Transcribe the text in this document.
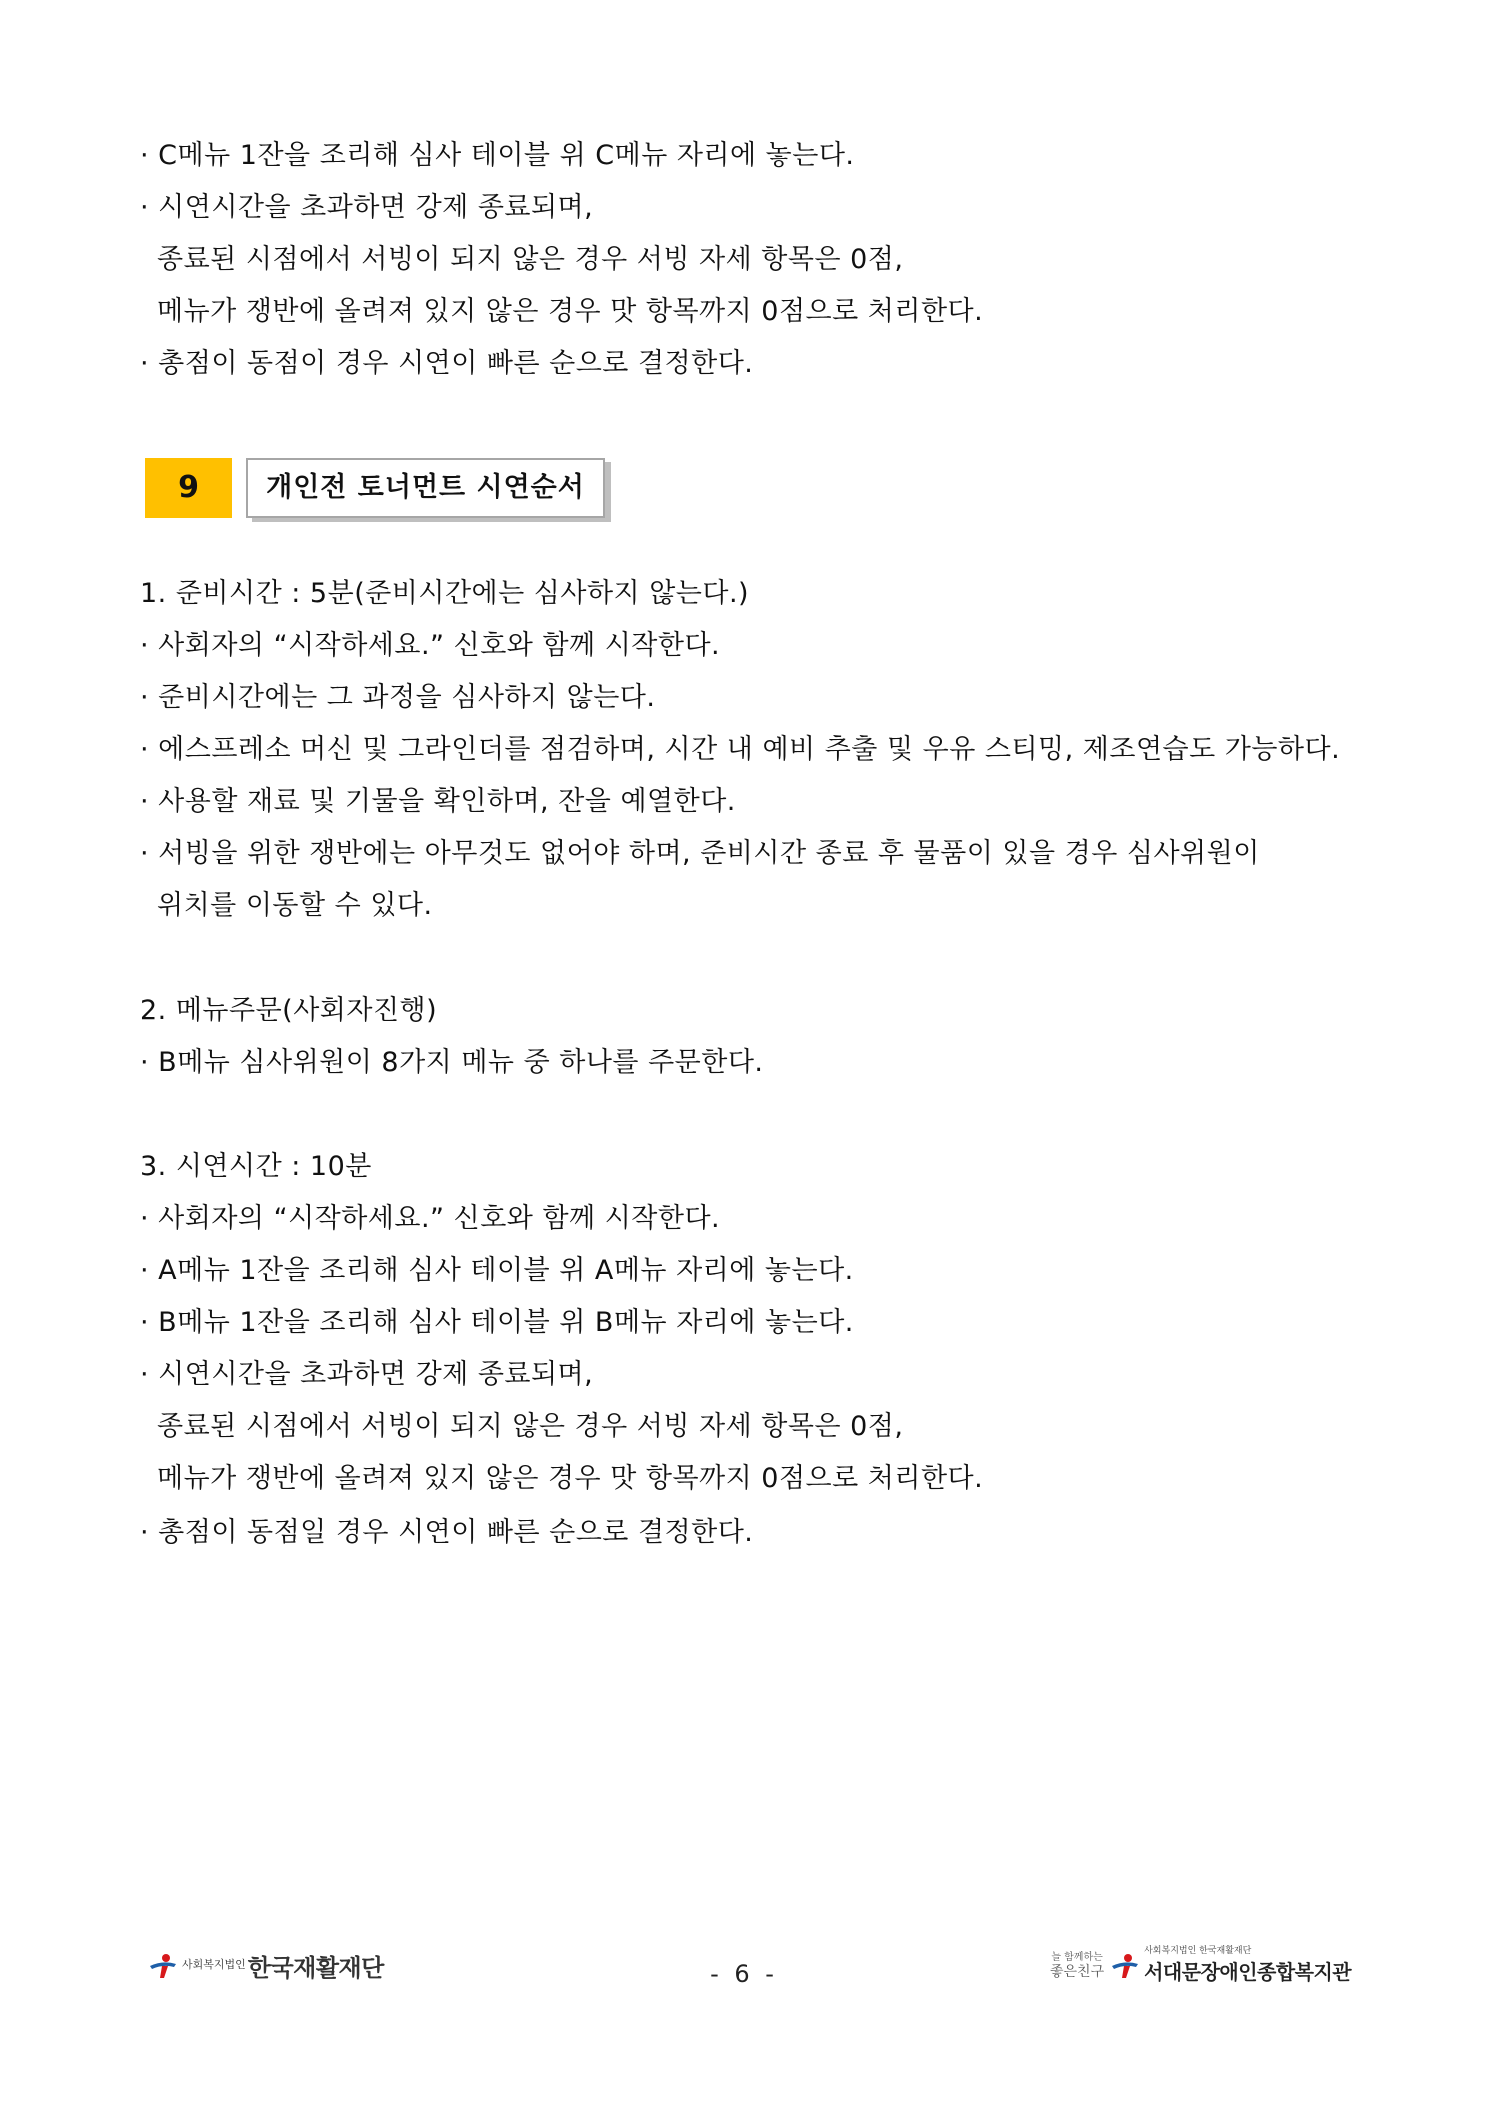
· C메뉴 1잔을 조리해 심사 테이블 위 C메뉴 자리에 놓는다.
· 시연시간을 초과하면 강제 종료되며,
종료된 시점에서 서빙이 되지 않은 경우 서빙 자세 항목은 0점,
메뉴가 쟁반에 올려져 있지 않은 경우 맛 항목까지 0점으로 처리한다.
· 총점이 동점이 경우 시연이 빠른 순으로 결정한다.
9	개인전 토너먼트 시연순서
1. 준비시간 : 5분(준비시간에는 심사하지 않는다.)
· 사회자의 “시작하세요.” 신호와 함께 시작한다.
· 준비시간에는 그 과정을 심사하지 않는다.
· 에스프레소 머신 및 그라인더를 점검하며, 시간 내 예비 추출 및 우유 스티밍, 제조연습도 가능하다.
· 사용할 재료 및 기물을 확인하며, 잔을 예열한다.
· 서빙을 위한 쟁반에는 아무것도 없어야 하며, 준비시간 종료 후 물품이 있을 경우 심사위원이
위치를 이동할 수 있다.
2. 메뉴주문(사회자진행)
· B메뉴 심사위원이 8가지 메뉴 중 하나를 주문한다.
3. 시연시간 : 10분
· 사회자의 “시작하세요.” 신호와 함께 시작한다.
· A메뉴 1잔을 조리해 심사 테이블 위 A메뉴 자리에 놓는다.
· B메뉴 1잔을 조리해 심사 테이블 위 B메뉴 자리에 놓는다.
· 시연시간을 초과하면 강제 종료되며,
종료된 시점에서 서빙이 되지 않은 경우 서빙 자세 항목은 0점,
메뉴가 쟁반에 올려져 있지 않은 경우 맛 항목까지 0점으로 처리한다.
· 총점이 동점일 경우 시연이 빠른 순으로 결정한다.
사회복지법인 한국재활재단	- 6 -
늘 함께하는
좋은친구
사회복지법인 한국재활재단
서대문장애인종합복지관
